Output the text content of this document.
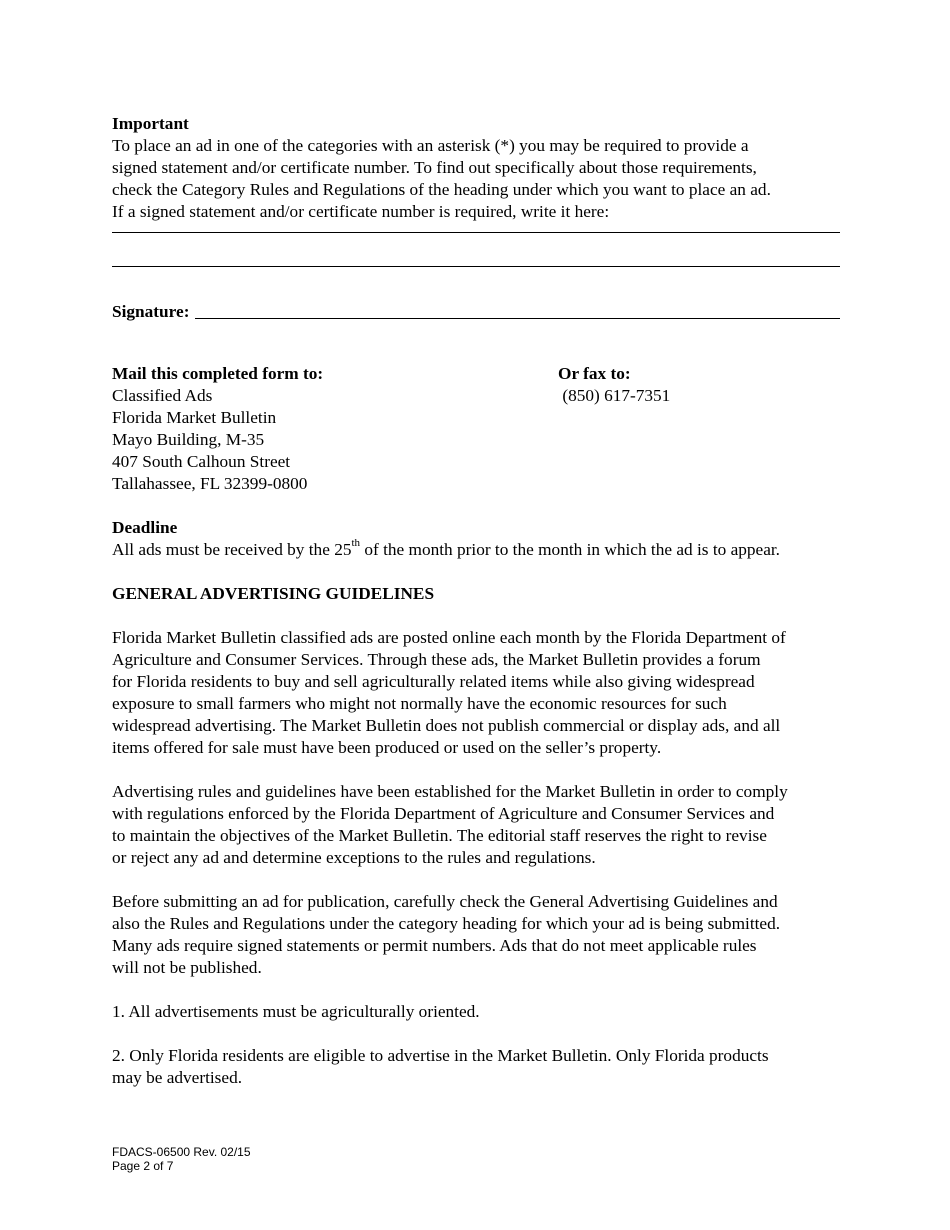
Important

To place an ad in one of the categories with an asterisk (*) you may be required to provide a

signed statement and/or certificate number. To find out specifically about those requirements,

check the Category Rules and Regulations of the heading under which you want to place an ad.

If a signed statement and/or certificate number is required, write it here:

Signature:

Mail this completed form to:

Classified Ads

Florida Market Bulletin

Mayo Building, M-35

407 South Calhoun Street

Tallahassee, FL 32399-0800

Or fax to:

(850) 617-7351

Deadline

All ads must be received by the 25th of the month prior to the month in which the ad is to appear.

GENERAL ADVERTISING GUIDELINES

Florida Market Bulletin classified ads are posted online each month by the Florida Department of

Agriculture and Consumer Services. Through these ads, the Market Bulletin provides a forum

for Florida residents to buy and sell agriculturally related items while also giving widespread

exposure to small farmers who might not normally have the economic resources for such

widespread advertising. The Market Bulletin does not publish commercial or display ads, and all

items offered for sale must have been produced or used on the seller’s property.

Advertising rules and guidelines have been established for the Market Bulletin in order to comply

with regulations enforced by the Florida Department of Agriculture and Consumer Services and

to maintain the objectives of the Market Bulletin. The editorial staff reserves the right to revise

or reject any ad and determine exceptions to the rules and regulations.

Before submitting an ad for publication, carefully check the General Advertising Guidelines and

also the Rules and Regulations under the category heading for which your ad is being submitted.

Many ads require signed statements or permit numbers. Ads that do not meet applicable rules

will not be published.

1. All advertisements must be agriculturally oriented.

2. Only Florida residents are eligible to advertise in the Market Bulletin. Only Florida products

may be advertised.

FDACS-06500 Rev. 02/15
Page 2 of 7
